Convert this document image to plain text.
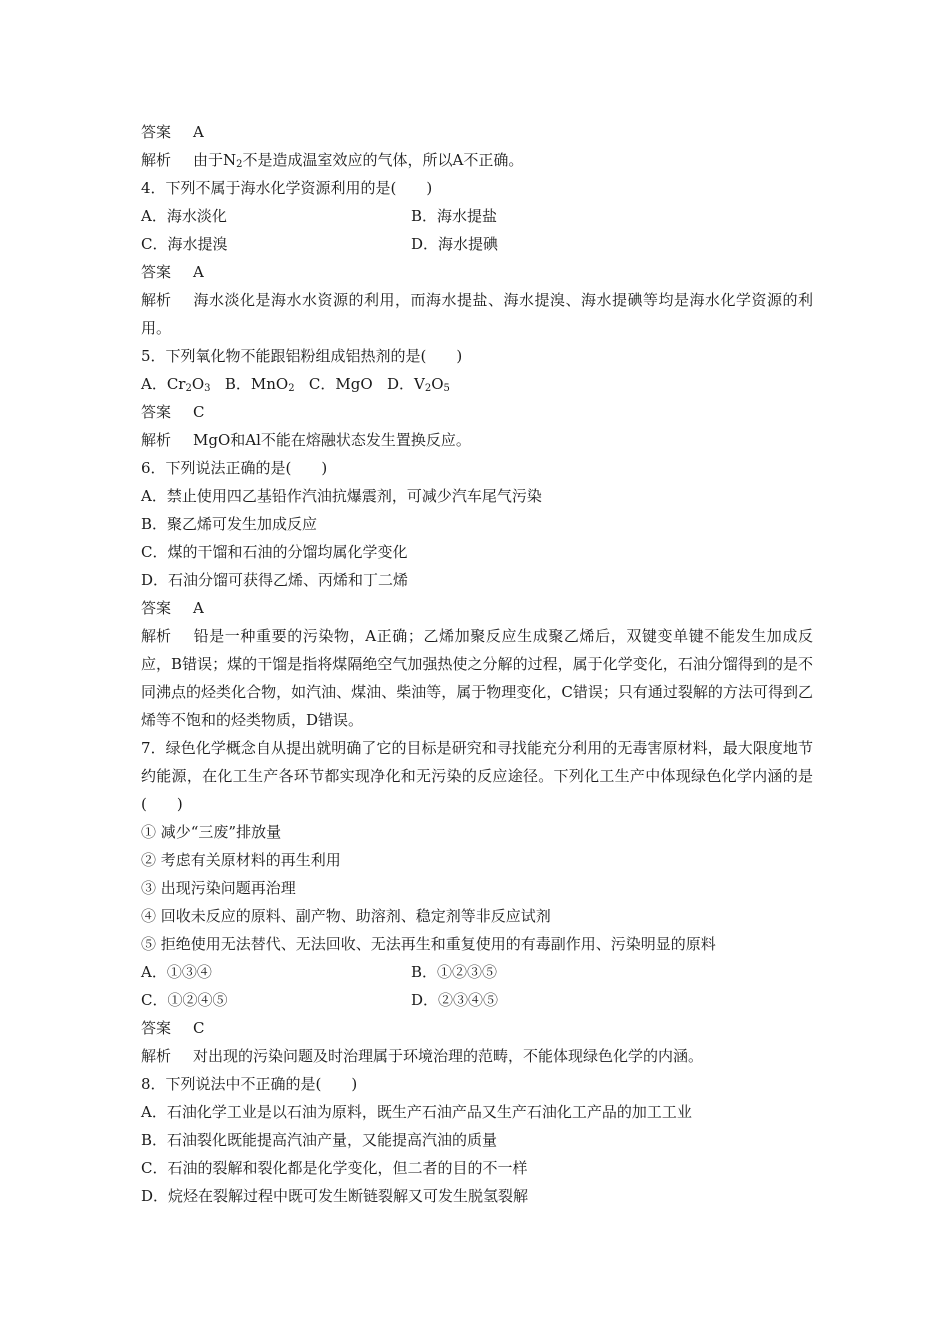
答案 A
解析 由于$N_2$不是造成温室效应的气体，所以A不正确。
4．下列不属于海水化学资源利用的是(　　)
A．海水淡化	B．海水提盐
C．海水提溴	D．海水提碘
答案 A
解析 海水淡化是海水水资源的利用，而海水提盐、海水提溴、海水提碘等均是海水化学资源的利用。
5．下列氧化物不能跟铝粉组成铝热剂的是(　　)
A．$Cr_2O_3$ B．MnO$_2$ C．MgO D．$V_2O_5$
答案 C
解析 MgO和Al不能在熔融状态发生置换反应。
6．下列说法正确的是(　　)
A．禁止使用四乙基铅作汽油抗爆震剂，可减少汽车尾气污染
B．聚乙烯可发生加成反应
C．煤的干馏和石油的分馏均属化学变化
D．石油分馏可获得乙烯、丙烯和丁二烯
答案 A
解析 铅是一种重要的污染物，A正确；乙烯加聚反应生成聚乙烯后，双键变单键不能发生加成反应，B错误；煤的干馏是指将煤隔绝空气加强热使之分解的过程，属于化学变化，石油分馏得到的是不同沸点的烃类化合物，如汽油、煤油、柴油等，属于物理变化，C错误；只有通过裂解的方法可得到乙烯等不饱和的烃类物质，D错误。
7．绿色化学概念自从提出就明确了它的目标是研究和寻找能充分利用的无毒害原材料，最大限度地节约能源，在化工生产各环节都实现净化和无污染的反应途径。下列化工生产中体现绿色化学内涵的是(　　)
① 减少“三废”排放量
② 考虑有关原材料的再生利用
③ 出现污染问题再治理
④ 回收未反应的原料、副产物、助溶剂、稳定剂等非反应试剂
⑤ 拒绝使用无法替代、无法回收、无法再生和重复使用的有毒副作用、污染明显的原料
A．①③④	B．①②③⑤
C．①②④⑤	D．②③④⑤
答案 C
解析 对出现的污染问题及时治理属于环境治理的范畴，不能体现绿色化学的内涵。
8．下列说法中不正确的是(　　)
A．石油化学工业是以石油为原料，既生产石油产品又生产石油化工产品的加工工业
B．石油裂化既能提高汽油产量，又能提高汽油的质量
C．石油的裂解和裂化都是化学变化，但二者的目的不一样
D．烷烃在裂解过程中既可发生断链裂解又可发生脱氢裂解
